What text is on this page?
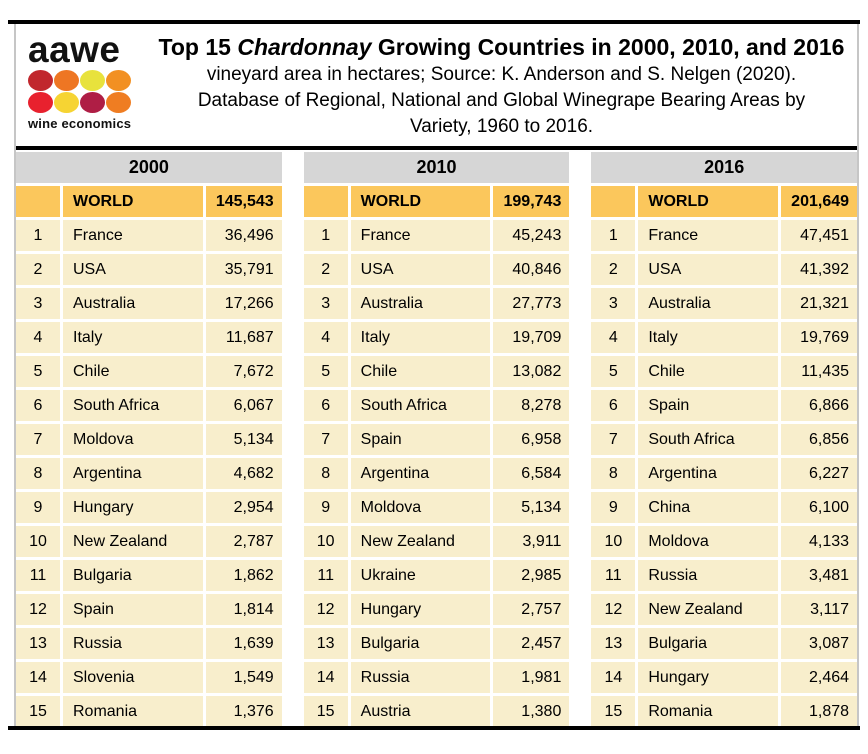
aawe
wine economics
Top 15 Chardonnay Growing Countries in 2000, 2010, and 2016
vineyard area in hectares; Source: K. Anderson and S. Nelgen (2020).
Database of Regional, National and Global Winegrape Bearing Areas by
Variety, 1960 to 2016.
2000
WORLD	145,543
1	France	36,496
2	USA	35,791
3	Australia	17,266
4	Italy	11,687
5	Chile	7,672
6	South Africa	6,067
7	Moldova	5,134
8	Argentina	4,682
9	Hungary	2,954
10	New Zealand	2,787
11	Bulgaria	1,862
12	Spain	1,814
13	Russia	1,639
14	Slovenia	1,549
15	Romania	1,376
2010
WORLD	199,743
1	France	45,243
2	USA	40,846
3	Australia	27,773
4	Italy	19,709
5	Chile	13,082
6	South Africa	8,278
7	Spain	6,958
8	Argentina	6,584
9	Moldova	5,134
10	New Zealand	3,911
11	Ukraine	2,985
12	Hungary	2,757
13	Bulgaria	2,457
14	Russia	1,981
15	Austria	1,380
2016
WORLD	201,649
1	France	47,451
2	USA	41,392
3	Australia	21,321
4	Italy	19,769
5	Chile	11,435
6	Spain	6,866
7	South Africa	6,856
8	Argentina	6,227
9	China	6,100
10	Moldova	4,133
11	Russia	3,481
12	New Zealand	3,117
13	Bulgaria	3,087
14	Hungary	2,464
15	Romania	1,878
